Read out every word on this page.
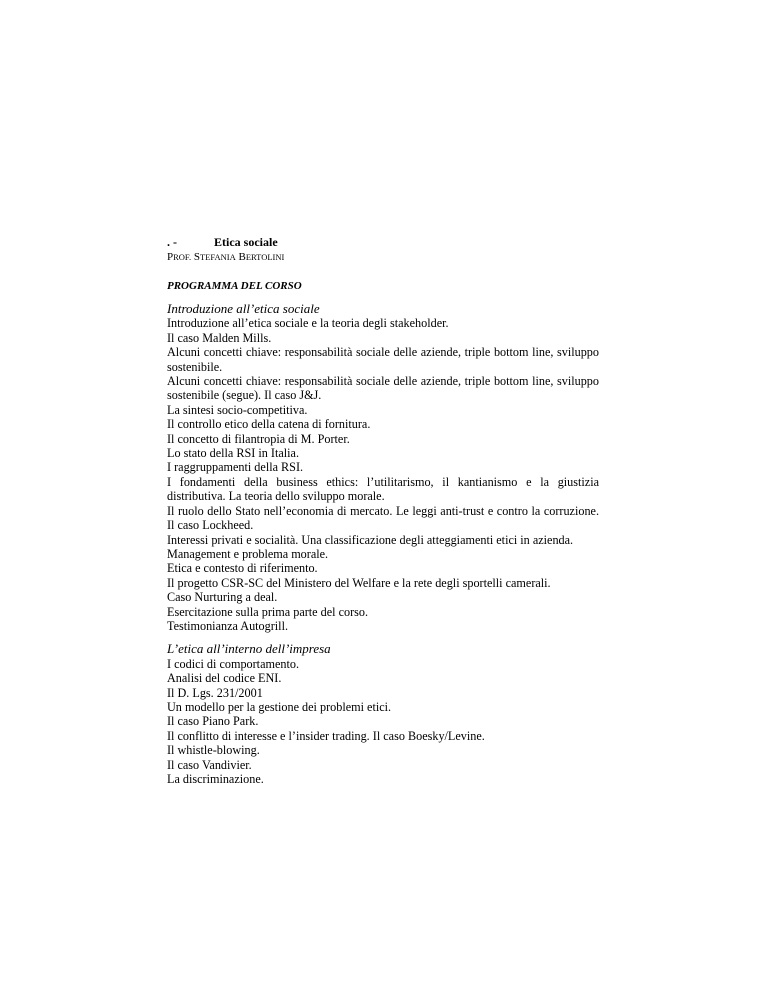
. -	Etica sociale
PROF. STEFANIA BERTOLINI
PROGRAMMA DEL CORSO
Introduzione all’etica sociale
Introduzione all’etica sociale e la teoria degli stakeholder.
Il caso Malden Mills.
Alcuni concetti chiave: responsabilità sociale delle aziende, triple bottom line, sviluppo sostenibile.
Alcuni concetti chiave: responsabilità sociale delle aziende, triple bottom line, sviluppo sostenibile (segue). Il caso J&J.
La sintesi socio-competitiva.
Il controllo etico della catena di fornitura.
Il concetto di filantropia di M. Porter.
Lo stato della RSI in Italia.
I raggruppamenti della RSI.
I fondamenti della business ethics: l’utilitarismo, il kantianismo e la giustizia distributiva. La teoria dello sviluppo morale.
Il ruolo dello Stato nell’economia di mercato. Le leggi anti-trust e contro la corruzione. Il caso Lockheed.
Interessi privati e socialità. Una classificazione degli atteggiamenti etici in azienda.
Management e problema morale.
Etica e contesto di riferimento.
Il progetto CSR-SC del Ministero del Welfare e la rete degli sportelli camerali.
Caso Nurturing a deal.
Esercitazione sulla prima parte del corso.
Testimonianza Autogrill.
L’etica all’interno dell’impresa
I codici di comportamento.
Analisi del codice ENI.
Il D. Lgs. 231/2001
Un modello per la gestione dei problemi etici.
Il caso Piano Park.
Il conflitto di interesse e l’insider trading. Il caso Boesky/Levine.
Il whistle-blowing.
Il caso Vandivier.
La discriminazione.
